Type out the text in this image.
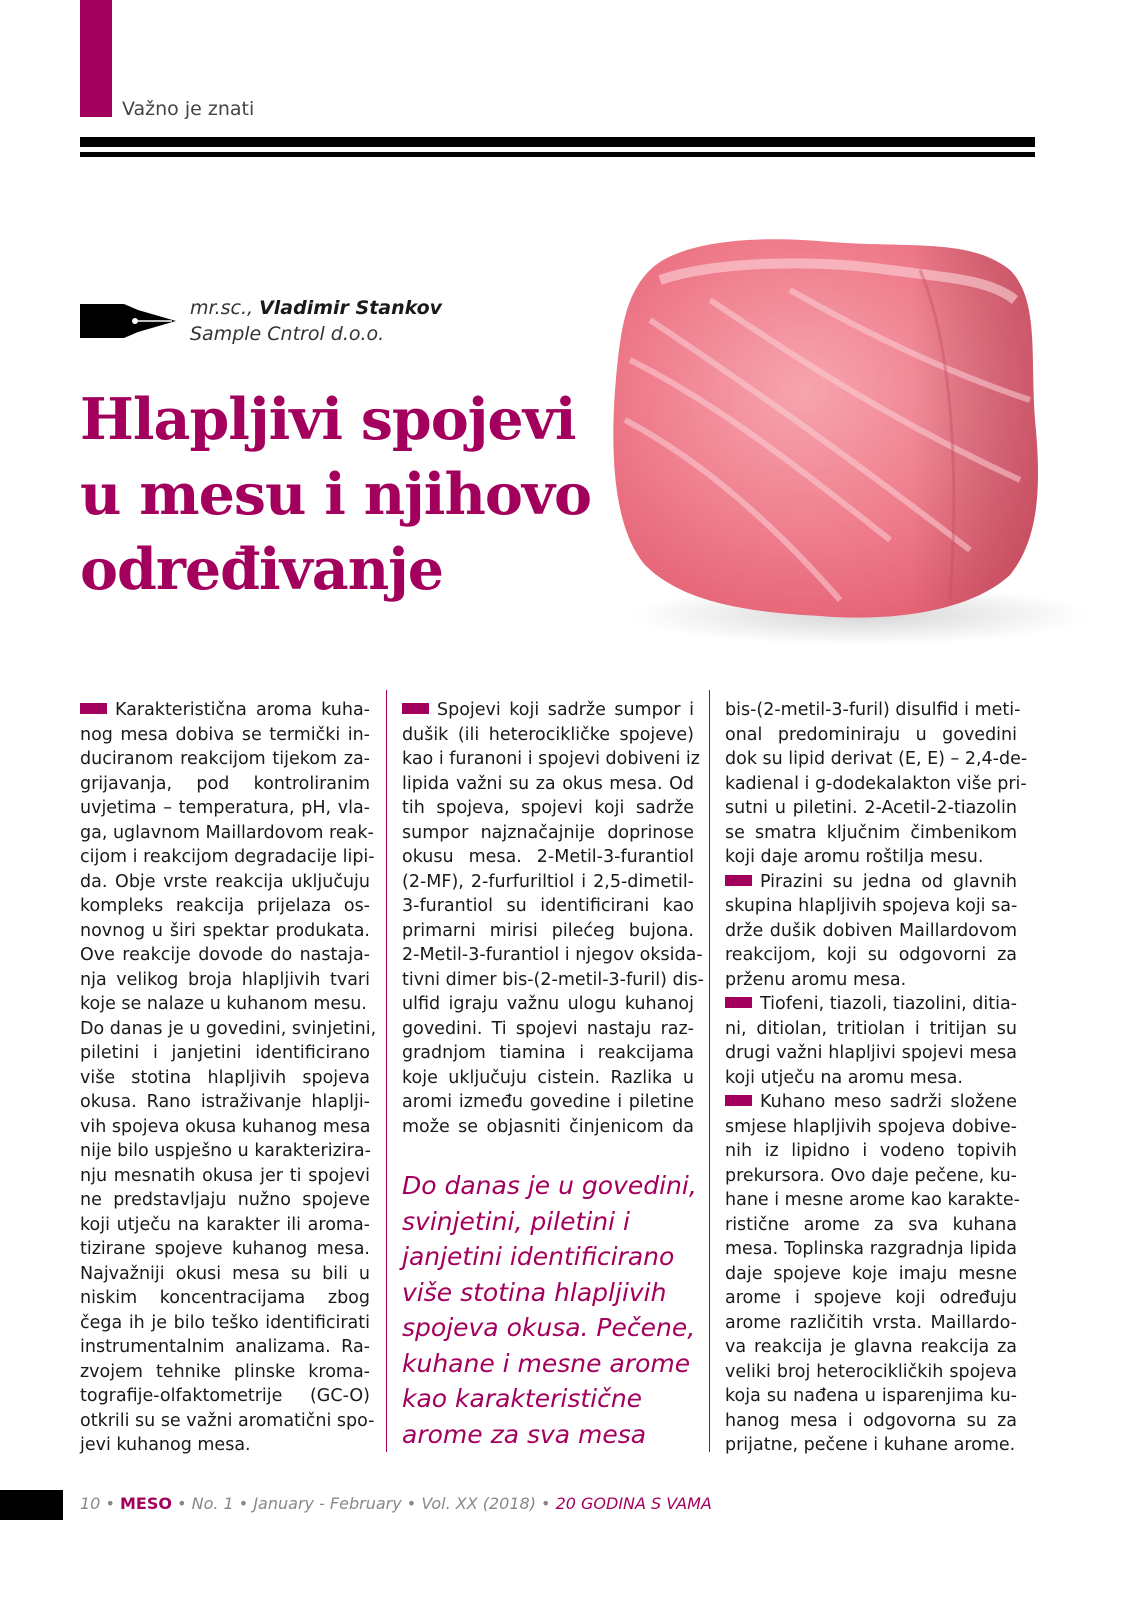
Važno je znati
mr.sc., Vladimir Stankov
Sample Cntrol d.o.o.
Hlapljivi spojevi
u mesu i njihovo
određivanje
Karakteristična aroma kuha-
nog mesa dobiva se termički in-
duciranom reakcijom tijekom za-
grijavanja, pod kontroliranim
uvjetima – temperatura, pH, vla-
ga, uglavnom Maillardovom reak-
cijom i reakcijom degradacije lipi-
da. Obje vrste reakcija uključuju
kompleks reakcija prijelaza os-
novnog u širi spektar produkata.
Ove reakcije dovode do nastaja-
nja velikog broja hlapljivih tvari
koje se nalaze u kuhanom mesu.
Do danas je u govedini, svinjetini,
piletini i janjetini identificirano
više stotina hlapljivih spojeva
okusa. Rano istraživanje hlaplji-
vih spojeva okusa kuhanog mesa
nije bilo uspješno u karakterizira-
nju mesnatih okusa jer ti spojevi
ne predstavljaju nužno spojeve
koji utječu na karakter ili aroma-
tizirane spojeve kuhanog mesa.
Najvažniji okusi mesa su bili u
niskim koncentracijama zbog
čega ih je bilo teško identificirati
instrumentalnim analizama. Ra-
zvojem tehnike plinske kroma-
tografije-olfaktometrije (GC-O)
otkrili su se važni aromatični spo-
jevi kuhanog mesa.
Spojevi koji sadrže sumpor i
dušik (ili heterocikličke spojeve)
kao i furanoni i spojevi dobiveni iz
lipida važni su za okus mesa. Od
tih spojeva, spojevi koji sadrže
sumpor najznačajnije doprinose
okusu mesa. 2-Metil-3-furantiol
(2-MF), 2-furfuriltiol i 2,5-dimetil-
3-furantiol su identificirani kao
primarni mirisi pilećeg bujona.
2-Metil-3-furantiol i njegov oksida-
tivni dimer bis-(2-metil-3-furil) dis-
ulfid igraju važnu ulogu kuhanoj
govedini. Ti spojevi nastaju raz-
gradnjom tiamina i reakcijama
koje uključuju cistein. Razlika u
aromi između govedine i piletine
može se objasniti činjenicom da
bis-(2-metil-3-furil) disulfid i meti-
onal predominiraju u govedini
dok su lipid derivat (E, E) – 2,4-de-
kadienal i g-dodekalakton više pri-
sutni u piletini. 2-Acetil-2-tiazolin
se smatra ključnim čimbenikom
koji daje aromu roštilja mesu.
Pirazini su jedna od glavnih
skupina hlapljivih spojeva koji sa-
drže dušik dobiven Maillardovom
reakcijom, koji su odgovorni za
prženu aromu mesa.
Tiofeni, tiazoli, tiazolini, ditia-
ni, ditiolan, tritiolan i tritijan su
drugi važni hlapljivi spojevi mesa
koji utječu na aromu mesa.
Kuhano meso sadrži složene
smjese hlapljivih spojeva dobive-
nih iz lipidno i vodeno topivih
prekursora. Ovo daje pečene, ku-
hane i mesne arome kao karakte-
ristične arome za sva kuhana
mesa. Toplinska razgradnja lipida
daje spojeve koje imaju mesne
arome i spojeve koji određuju
arome različitih vrsta. Maillardo-
va reakcija je glavna reakcija za
veliki broj heterocikličkih spojeva
koja su nađena u isparenjima ku-
hanog mesa i odgovorna su za
prijatne, pečene i kuhane arome.
Do danas je u govedini,
svinjetini, piletini i
janjetini identificirano
više stotina hlapljivih
spojeva okusa. Pečene,
kuhane i mesne arome
kao karakteristične
arome za sva mesa
10 • MESO • No. 1 • January - February • Vol. XX (2018) • 20 GODINA S VAMA
